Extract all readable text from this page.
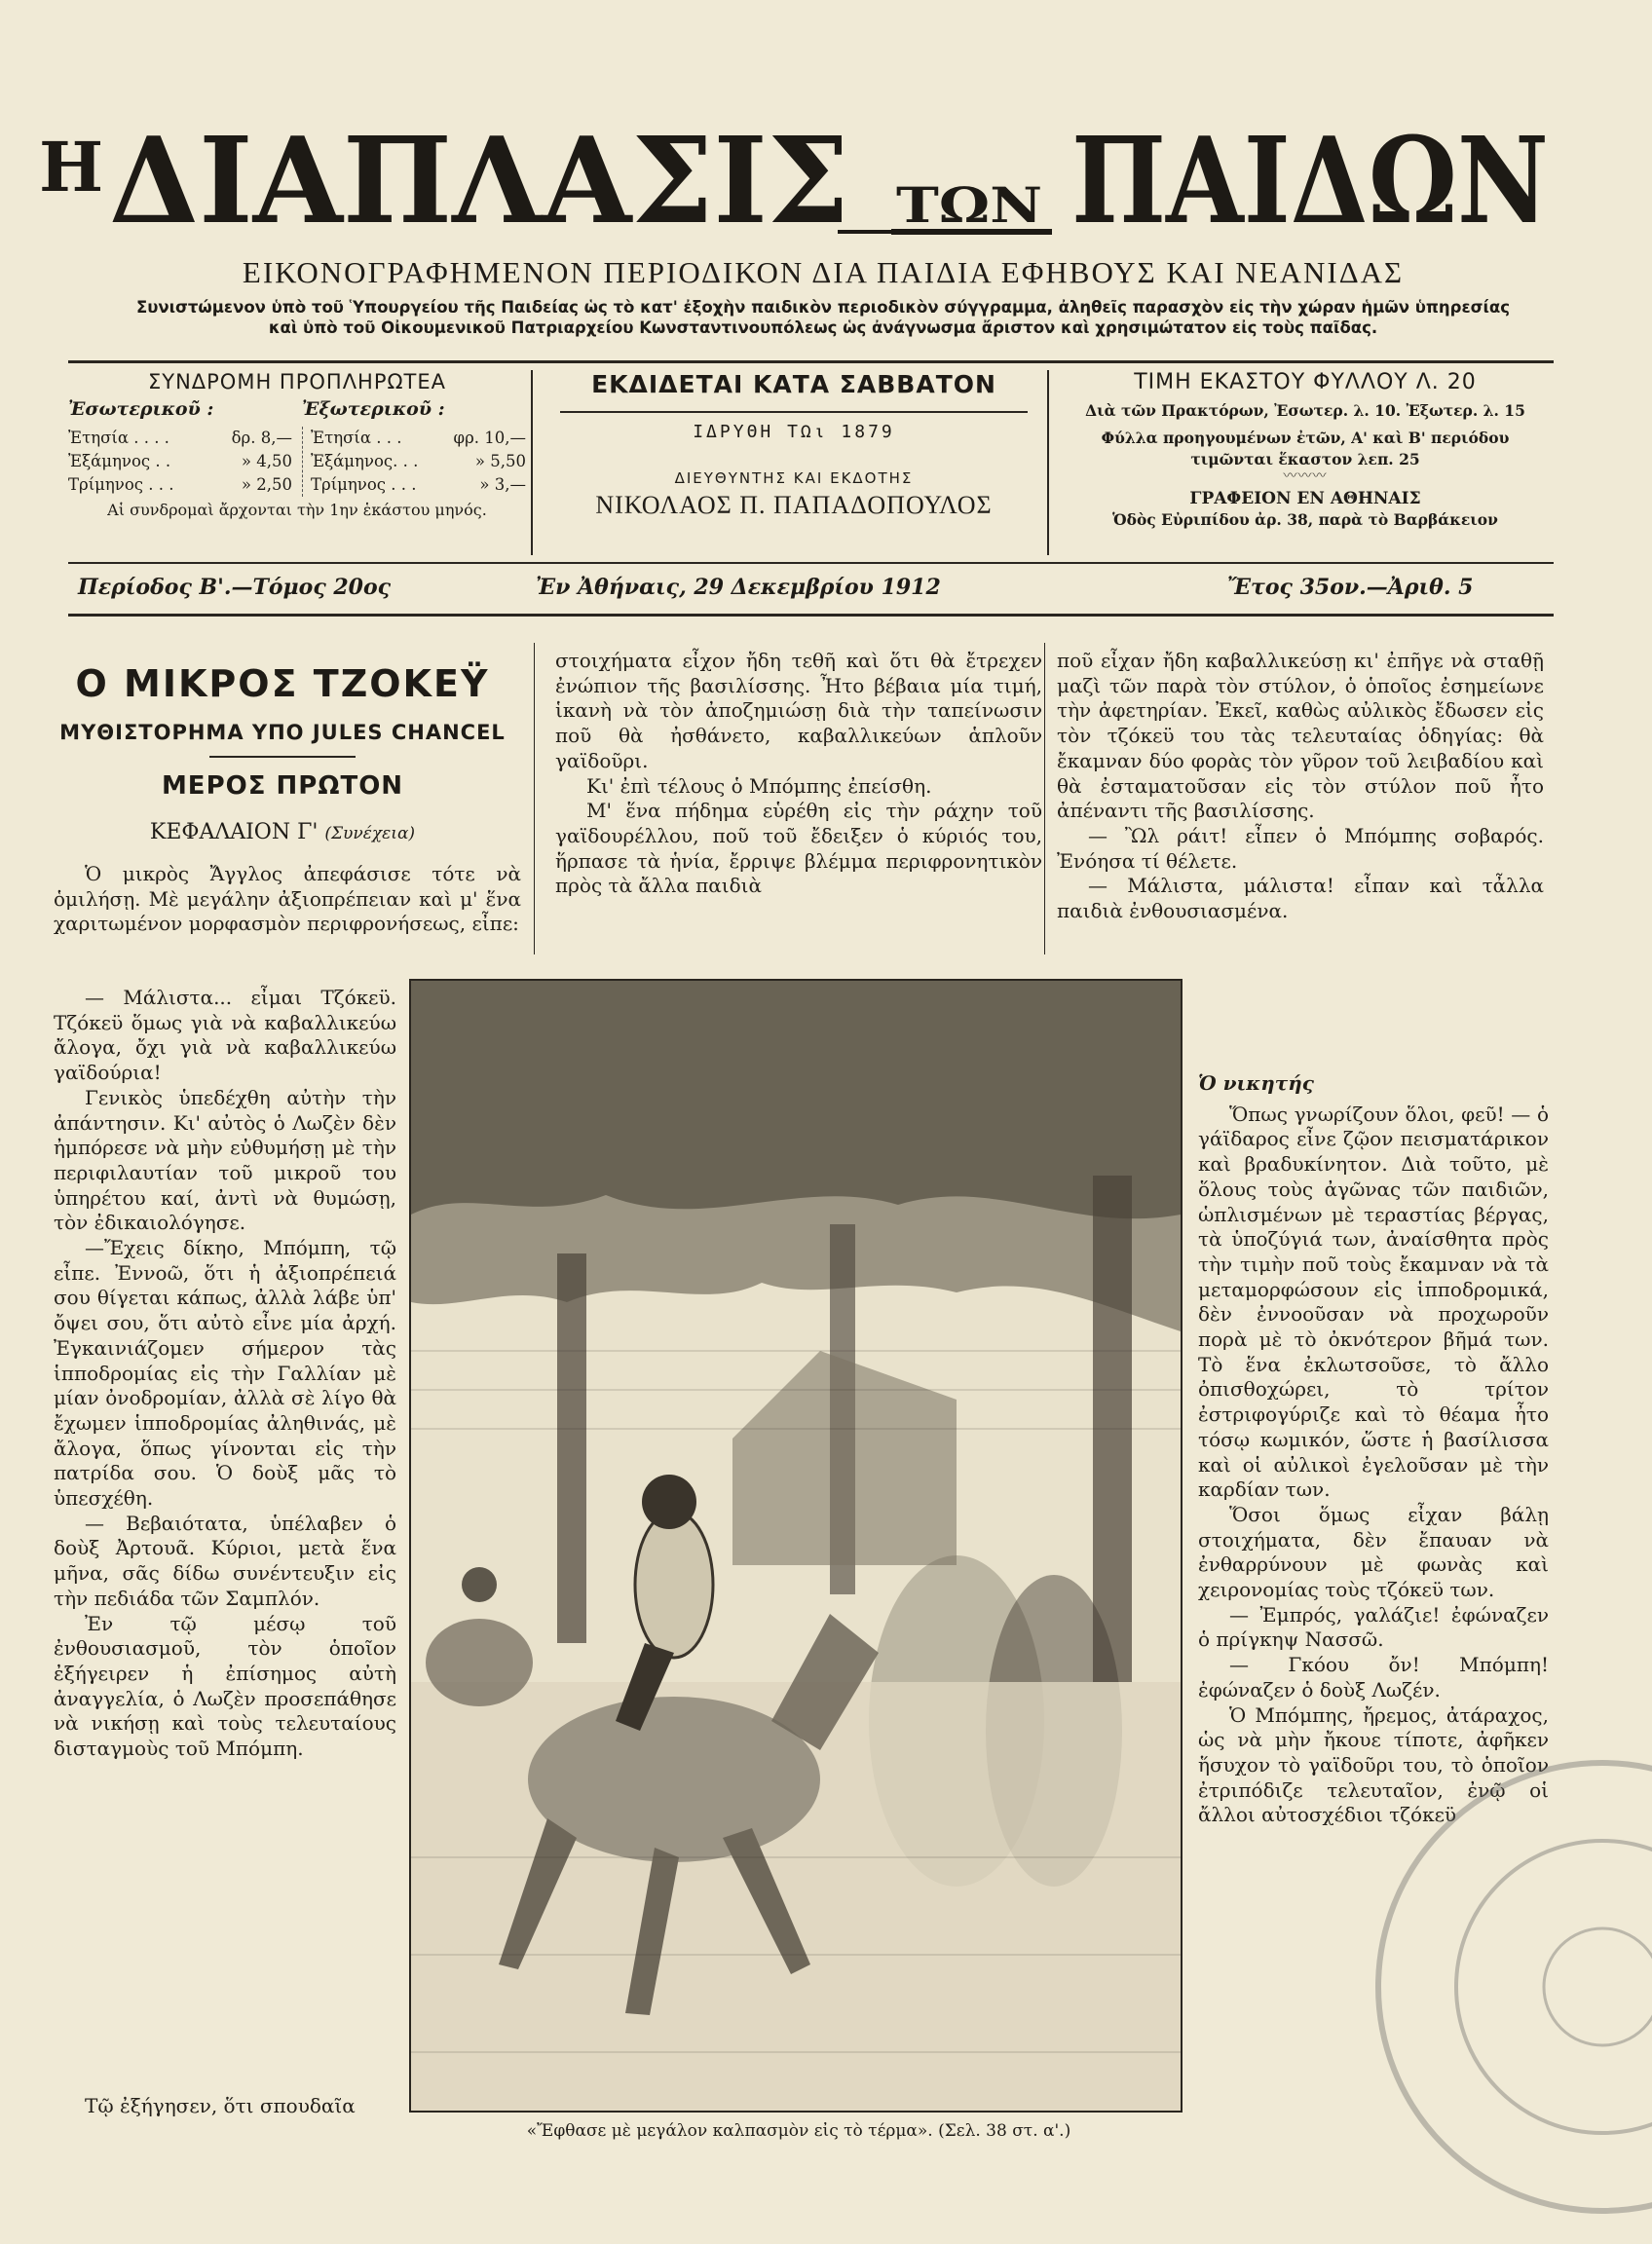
Η ΔΙΑΠΛΑΣΙΣ ΤΩΝ ΠΑΙΔΩΝ
ΕΙΚΟΝΟΓΡΑΦΗΜΕΝΟΝ ΠΕΡΙΟΔΙΚΟΝ ΔΙΑ ΠΑΙΔΙΑ ΕΦΗΒΟΥΣ ΚΑΙ ΝΕΑΝΙΔΑΣ
Συνιστώμενον ὑπὸ τοῦ Ὑπουργείου τῆς Παιδείας ὡς τὸ κατ' ἐξοχὴν παιδικὸν περιοδικὸν σύγγραμμα, ἀληθεῖς παρασχὸν εἰς τὴν χώραν ἡμῶν ὑπηρεσίας
καὶ ὑπὸ τοῦ Οἰκουμενικοῦ Πατριαρχείου Κωνσταντινουπόλεως ὡς ἀνάγνωσμα ἄριστον καὶ χρησιμώτατον εἰς τοὺς παῖδας.
ΣΥΝΔΡΟΜΗ ΠΡΟΠΛΗΡΩΤΕΑ
Ἐσωτερικοῦ :	Ἐξωτερικοῦ :
Ἐτησία . . . .	δρ. 8,—
Ἐξάμηνος . .	» 4,50
Τρίμηνος . . .	» 2,50
Ἐτησία . . .	φρ. 10,—
Ἐξάμηνος. . .	» 5,50
Τρίμηνος . . .	» 3,—
Αἱ συνδρομαὶ ἄρχονται τὴν 1ην ἑκάστου μηνός.
ΕΚΔΙΔΕΤΑΙ ΚΑΤΑ ΣΑΒΒΑΤΟΝ
ΙΔΡΥΘΗ ΤΩι 1879
ΔΙΕΥΘΥΝΤΗΣ ΚΑΙ ΕΚΔΟΤΗΣ
ΝΙΚΟΛΑΟΣ Π. ΠΑΠΑΔΟΠΟΥΛΟΣ
ΤΙΜΗ ΕΚΑΣΤΟΥ ΦΥΛΛΟΥ Λ. 20
Διὰ τῶν Πρακτόρων, Ἐσωτερ. λ. 10. Ἐξωτερ. λ. 15
Φύλλα προηγουμένων ἐτῶν, Α' καὶ Β' περιόδου
τιμῶνται ἕκαστον λεπ. 25
〰〰〰
ΓΡΑΦΕΙΟΝ ΕΝ ΑΘΗΝΑΙΣ
Ὁδὸς Εὐριπίδου ἀρ. 38, παρὰ τὸ Βαρβάκειον
Περίοδος Β'.—Τόμος 20ος	Ἐν Ἀθήναις, 29 Δεκεμβρίου 1912	Ἔτος 35ον.—Ἀριθ. 5
Ο ΜΙΚΡΟΣ ΤΖΟΚΕΫ
ΜΥΘΙΣΤΟΡΗΜΑ ΥΠΟ JULES CHANCEL
ΜΕΡΟΣ ΠΡΩΤΟΝ
ΚΕΦΑΛΑΙΟΝ Γ' (Συνέχεια)

Ὁ μικρὸς Ἄγγλος ἀπεφάσισε τότε νὰ ὁμιλήσῃ. Μὲ μεγάλην ἀξιοπρέπειαν καὶ μ' ἕνα χαριτωμένον μορφασμὸν περιφρονήσεως, εἶπε:

— Μάλιστα... εἶμαι Τζόκεϋ. Τζόκεϋ ὅμως γιὰ νὰ καβαλλικεύω ἄλογα, ὄχι γιὰ νὰ καβαλλικεύω γαϊδούρια!

Γενικὸς ὑπεδέχθη αὐτὴν τὴν ἀπάντησιν. Κι' αὐτὸς ὁ Λωζὲν δὲν ἠμπόρεσε νὰ μὴν εὐθυμήσῃ μὲ τὴν περιφιλαυτίαν τοῦ μικροῦ του ὑπηρέτου καί, ἀντὶ νὰ θυμώσῃ, τὸν ἐδικαιολόγησε.

—Ἔχεις δίκηο, Μπόμπη, τῷ εἶπε. Ἐννοῶ, ὅτι ἡ ἀξιοπρέπειά σου θίγεται κάπως, ἀλλὰ λάβε ὑπ' ὄψει σου, ὅτι αὐτὸ εἶνε μία ἀρχή. Ἐγκαινιάζομεν σήμερον τὰς ἱπποδρομίας εἰς τὴν Γαλλίαν μὲ μίαν ὀνοδρομίαν, ἀλλὰ σὲ λίγο θὰ ἔχωμεν ἱπποδρομίας ἀληθινάς, μὲ ἄλογα, ὅπως γίνονται εἰς τὴν πατρίδα σου. Ὁ δοὺξ μᾶς τὸ ὑπεσχέθη.

— Βεβαιότατα, ὑπέλαβεν ὁ δοὺξ Ἀρτουᾶ. Κύριοι, μετὰ ἕνα μῆνα, σᾶς δίδω συνέντευξιν εἰς τὴν πεδιάδα τῶν Σαμπλόν.

Ἐν τῷ μέσῳ τοῦ ἐνθουσιασμοῦ, τὸν ὁποῖον ἐξήγειρεν ἡ ἐπίσημος αὐτὴ ἀναγγελία, ὁ Λωζὲν προσεπάθησε νὰ νικήσῃ καὶ τοὺς τελευταίους δισταγμοὺς τοῦ Μπόμπη.

Τῷ ἐξήγησεν, ὅτι σπουδαῖα

στοιχήματα εἶχον ἤδη τεθῆ καὶ ὅτι θὰ ἔτρεχεν ἐνώπιον τῆς βασιλίσσης. Ἦτο βέβαια μία τιμή, ἱκανὴ νὰ τὸν ἀποζημιώσῃ διὰ τὴν ταπείνωσιν ποῦ θὰ ἠσθάνετο, καβαλλικεύων ἁπλοῦν γαϊδοῦρι.

Κι' ἐπὶ τέλους ὁ Μπόμπης ἐπείσθη.

Μ' ἕνα πήδημα εὑρέθη εἰς τὴν ράχην τοῦ γαϊδουρέλλου, ποῦ τοῦ ἔδειξεν ὁ κύριός του, ἥρπασε τὰ ἡνία, ἔρριψε βλέμμα περιφρονητικὸν πρὸς τὰ ἄλλα παιδιὰ

ποῦ εἶχαν ἤδη καβαλλικεύσῃ κι' ἐπῆγε νὰ σταθῇ μαζὶ τῶν παρὰ τὸν στύλον, ὁ ὁποῖος ἐσημείωνε τὴν ἀφετηρίαν. Ἐκεῖ, καθὼς αὐλικὸς ἔδωσεν εἰς τὸν τζόκεϋ του τὰς τελευταίας ὁδηγίας: θὰ ἔκαμναν δύο φορὰς τὸν γῦρον τοῦ λειβαδίου καὶ θὰ ἐσταματοῦσαν εἰς τὸν στύλον ποῦ ἦτο ἀπέναντι τῆς βασιλίσσης.

— Ὢλ ράιτ! εἶπεν ὁ Μπόμπης σοβαρός. Ἐνόησα τί θέλετε.

— Μάλιστα, μάλιστα! εἶπαν καὶ τἆλλα παιδιὰ ἐνθουσιασμένα.

Ὁ νικητής

Ὅπως γνωρίζουν ὅλοι, φεῦ! — ὁ γάϊδαρος εἶνε ζῷον πεισματάρικον καὶ βραδυκίνητον. Διὰ τοῦτο, μὲ ὅλους τοὺς ἀγῶνας τῶν παιδιῶν, ὡπλισμένων μὲ τεραστίας βέργας, τὰ ὑποζύγιά των, ἀναίσθητα πρὸς τὴν τιμὴν ποῦ τοὺς ἔκαμναν νὰ τὰ μεταμορφώσουν εἰς ἱπποδρομικά, δὲν ἐννοοῦσαν νὰ προχωροῦν πορὰ μὲ τὸ ὀκνότερον βῆμά των. Τὸ ἕνα ἐκλωτσοῦσε, τὸ ἄλλο ὀπισθοχώρει, τὸ τρίτον ἐστριφογύριζε καὶ τὸ θέαμα ἦτο τόσῳ κωμικόν, ὥστε ἡ βασίλισσα καὶ οἱ αὐλικοὶ ἐγελοῦσαν μὲ τὴν καρδίαν των.

Ὅσοι ὅμως εἶχαν βάλῃ στοιχήματα, δὲν ἔπαυαν νὰ ἐνθαρρύνουν μὲ φωνὰς καὶ χειρονομίας τοὺς τζόκεϋ των.

— Ἐμπρός, γαλάζιε! ἐφώναζεν ὁ πρίγκηψ Νασσῶ.

— Γκόου ὄν! Μπόμπη! ἐφώναζεν ὁ δοὺξ Λωζέν.

Ὁ Μπόμπης, ἤρεμος, ἀτάραχος, ὡς νὰ μὴν ἤκουε τίποτε, ἀφῆκεν ἥσυχον τὸ γαϊδοῦρι του, τὸ ὁποῖον ἐτριπόδιζε τελευταῖον, ἐνῷ οἱ ἄλλοι αὐτοσχέδιοι τζόκεϋ

«Ἔφθασε μὲ μεγάλον καλπασμὸν εἰς τὸ τέρμα». (Σελ. 38 στ. α'.)
